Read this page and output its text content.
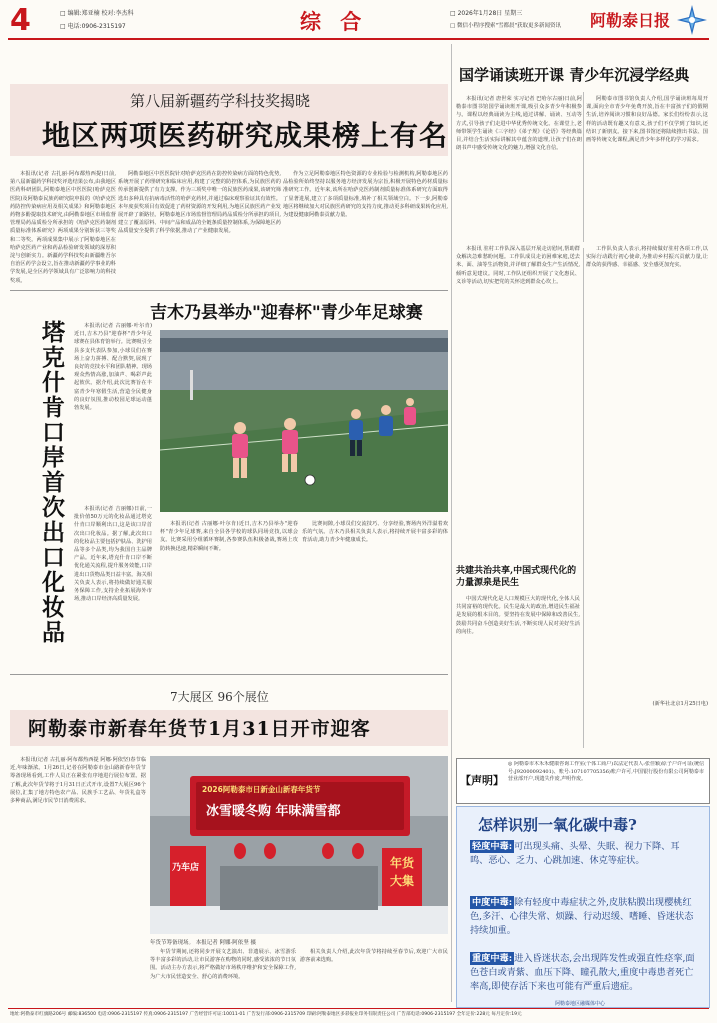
4	□ 编辑:郑亚楠 校对:李杰科
□ 电话:0906-2315197	综 合	□ 2026年1月28日 星期三
□ 微信小程序搜索"雪都晨"获取更多新闻资讯 阿勒泰日报
第八届新疆药学科技奖揭晓
地区两项医药研究成果榜上有名

本报讯(记者 古扎丽·阿布都热西提)日前,第八届新疆药学科技奖评选结果公布,由我地区医药科研团队,阿勒泰地区中医医院(哈萨克医医院)及阿勒泰民族药研究院申报的《哈萨克医药防控传染病应用及相关成果》和阿勒泰地区药物多酚提取技术研究,由阿勒泰地区市场监督管理局药品质检分所承担的《哈萨克医药制剂质量标准体系研究》两项成果分别斩获三等奖和二等奖。两项成果集中展示了阿勒泰地区在哈萨克医药产业和药品检验研发领域的深厚积淀与创新实力。新疆药学科技奖由新疆维吾尔自治区药学会设立,旨在推动新疆药学事业的科学发展,是全区药学领域具有广泛影响力的科技奖项。

阿勒泰地区中医医院针对哈萨克医药在防控传染病方面的特色优势,系统开展了药理研究和临床应用,构建了完整的防控体系,为民族医药的传承创新提供了有力支撑。作为三项奖中唯一的民族医药成果,该研究筛选出多种具有抗病毒活性的哈萨克药材,并通过临床观察验证其有效性。本年度获奖项目有效促进了药材资源的开发利用,为地区民族医药产业发展开辟了新路径。阿勒泰地区市场监督管理局药品质检分所承担的项目,建立了覆盖原料、中间产品和成品的全链条质量控制体系,为保障地区药品质量安全提供了科学依据,推动了产业健康发展。

作为立足阿勒泰地区特色资源的专业检验与检测机构,阿勒泰地区药品检验所始终坚持以服务地方经济发展为宗旨,积极开展特色药材质量标准研究工作。近年来,该所在哈萨克医药制剂质量标准体系研究方面取得了显著进展,建立了多项质量标准,填补了相关领域空白。下一步,阿勒泰地区将继续加大对民族医药研究的支持力度,推动更多科研成果转化应用,为建设健康阿勒泰贡献力量。

国学诵读班开课 青少年沉浸学经典

本报讯(记者 唐世荣 实习记者 巴哈尔古丽)日前,阿勒泰市图书馆国学诵读班开课,吸引众多青少年积极参与。课程以经典诵读为主线,通过讲解、诵读、互动等方式,引导孩子们走进中华优秀传统文化。在课堂上,老师带领学生诵读《三字经》《弟子规》《论语》等经典篇目,并结合生活实际讲解其中蕴含的道理,让孩子们在朗朗书声中感受传统文化的魅力,增强文化自信。

阿勒泰市图书馆负责人介绍,国学诵读班每周开课,面向全市青少年免费开放,旨在丰富孩子们的假期生活,培养阅读习惯和良好品德。家长们纷纷表示,这样的活动既有趣又有意义,孩子们不仅学到了知识,还结识了新朋友。接下来,图书馆还将陆续推出书法、国画等传统文化课程,满足青少年多样化的学习需求。

吉木乃县举办"迎春杯"青少年足球赛

本报讯(记者 古丽娜·叶尔肯)近日,吉木乃县"迎春杯"青少年足球赛在县体育馆举行。比赛吸引全县多支代表队参加,小球员们在赛场上奋力拼搏、配合默契,展现了良好的竞技水平和团队精神。现场观众热情高涨,加油声、喝彩声此起彼伏。据介绍,此次比赛旨在丰富青少年寒假生活,营造全民健身的良好氛围,推动校园足球运动蓬勃发展。

塔克什肯口岸首次出口化妆品	本报讯(记者 吉丽娜)日前,一批价值50万元的化妆品通过塔克什肯口岸顺利出口,这是该口岸首次出口化妆品。据了解,此次出口的化妆品主要包括护肤品、洗护用品等多个品类,均为我国自主品牌产品。近年来,塔克什肯口岸不断优化通关流程,提升服务效能,口岸进出口货物品类日益丰富。海关相关负责人表示,将持续做好通关服务保障工作,支持企业拓展海外市场,推动口岸经济高质量发展。

本报讯(记者 古丽娜·叶尔肯)近日,吉木乃县举办"迎春杯"青少年足球赛,来自全县各学校的球队同场竞技,以球会友。比赛采用分组循环赛制,各参赛队伍积极备战,赛场上攻防转换迅速,精彩瞬间不断。

比赛间隙,小球员们交流技巧、分享经验,赛场内外洋溢着欢乐的气氛。吉木乃县相关负责人表示,将持续开展丰富多彩的体育活动,助力青少年健康成长。

本报讯 驻村工作队深入基层开展走访慰问,帮助群众解决急难愁盼问题。工作队成员走访困难家庭,送去米、面、油等生活物资,并详细了解群众生产生活情况,倾听意见建议。同时,工作队还组织开展了文化惠民、义诊等活动,切实把党的关怀送到群众心坎上。

工作队负责人表示,将持续做好驻村各项工作,以实际行动践行初心使命,为推动乡村振兴贡献力量,让群众的获得感、幸福感、安全感更加充实。

共建共治共享,中国式现代化的力量源泉是民生

中国式现代化是人口规模巨大的现代化,全体人民共同富裕的现代化。民生是最大的政治,增进民生福祉是发展的根本目的。要坚持在发展中保障和改善民生,鼓励共同奋斗创造美好生活,不断实现人民对美好生活的向往。

(新华社北京1月25日电)
7大展区 96个展位
阿勒泰市新春年货节1月31日开市迎客

本报讯(记者 古扎丽·阿布都热西提 阿娜·阿依坚)春节临近,年味渐浓。1月26日,记者在阿勒泰市金山路新春年货节筹备现场看到,工作人员正在紧张有序地进行展位布置。据了解,此次年货节将于1月31日正式开市,设置7大展区96个展位,汇集了地方特色农产品、民族手工艺品、年货礼盒等多种商品,满足市民节日消费需求。

2026阿勒泰市日新金山新春年货节
冰雪暖冬购 年味满雪都
乃车店	年货
大集
年货节筹备现场。 本报记者 阿娜·阿依坚 摄

年货节期间,还将同步开展文艺演出、非遗展示、冰雪游乐等丰富多彩的活动,让市民游客在购物的同时,感受浓浓的节日氛围。活动主办方表示,将严格做好市场秩序维护和安全保障工作,为广大市民营造安全、舒心的消费环境。

相关负责人介绍,此次年货节将持续至春节后,欢迎广大市民游客前来选购。

【声明】

◎ 阿勒泰市木禾禾健康咨询工作室(个体工商户)以法定代表人:张佳颖)原子户许可证(统信号:J92000092401)、账号:107107705356)账户许可,中国银行股份有限公司阿勒泰市营业部开户,现遗失作废,声明作废。

怎样识别一氧化碳中毒?
轻度中毒: 可出现头痛、头晕、失眠、视力下降、耳鸣、恶心、乏力、心跳加速、休克等症状。
中度中毒: 除有轻度中毒症状之外,皮肤粘膜出现樱桃红色,多汗、心律失常、烦躁、行动迟缓、嗜睡、昏迷状态持续加重。
重度中毒: 进入昏迷状态,会出现阵发性或强直性痉挛,面色苍白或青紫、血压下降、瞳孔散大,重度中毒患者死亡率高,即使存活下来也可能有严重后遗症。
阿勒泰地区融媒体中心
地址:阿勒泰市红旗路206号 邮编:836500 电话:0906-2315197 传真:0906-2315197 广告经营许可证:10011-01 广告发行部:0906-2315709 印刷:阿勒泰地区多彩报业印务有限责任公司 广告部电话:0906-2315197 全年定价:228元 每月定价:19元
